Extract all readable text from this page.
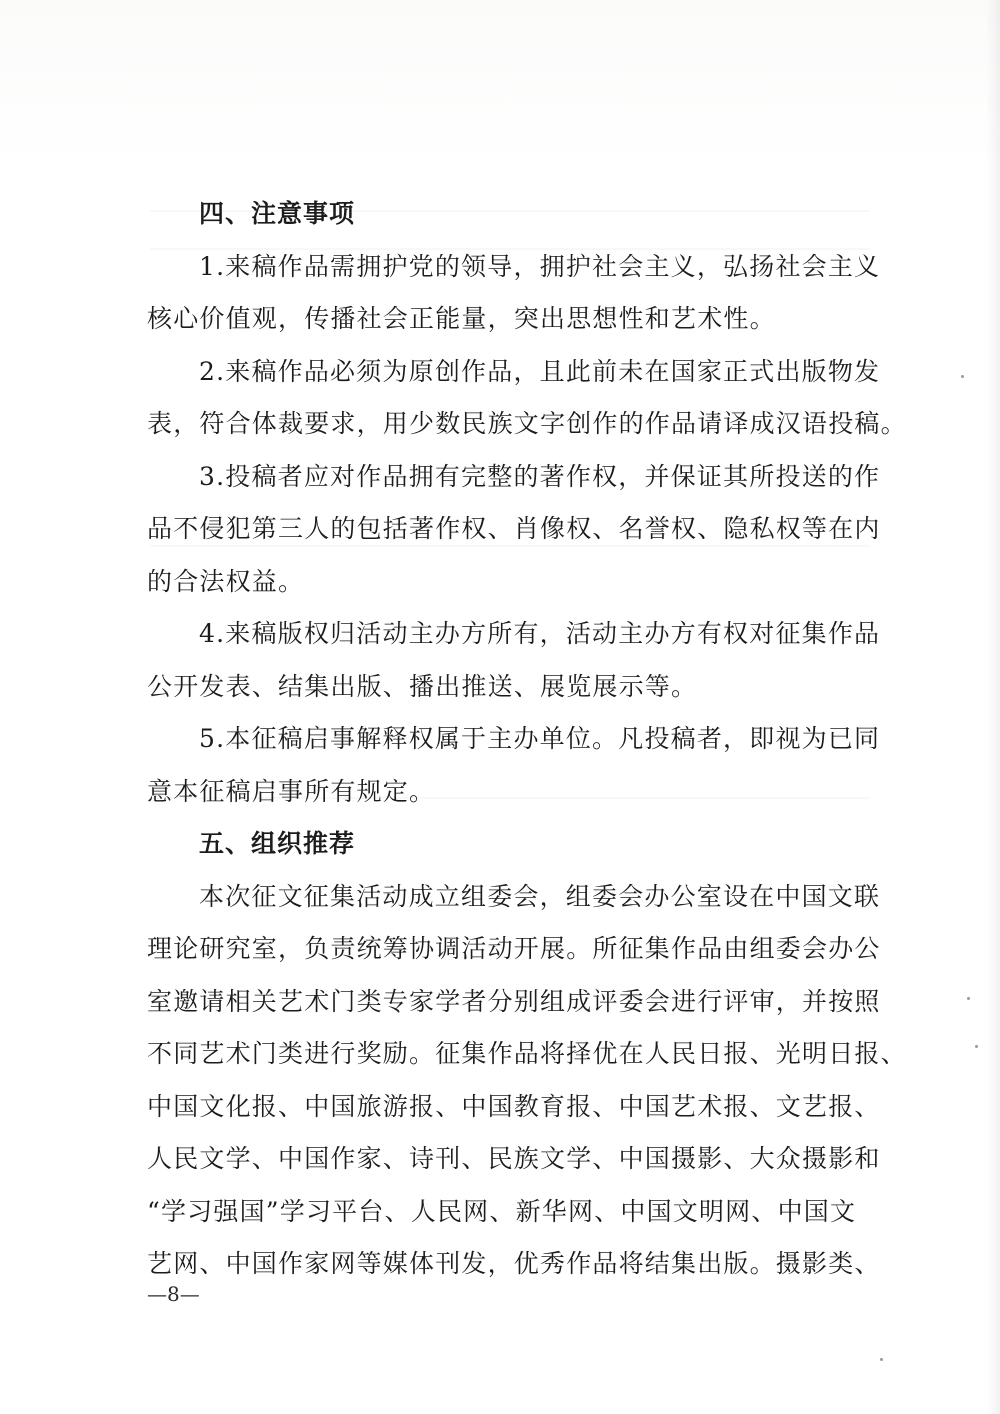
四、注意事项
1.来稿作品需拥护党的领导，拥护社会主义，弘扬社会主义
核心价值观，传播社会正能量，突出思想性和艺术性。
2.来稿作品必须为原创作品，且此前未在国家正式出版物发
表，符合体裁要求，用少数民族文字创作的作品请译成汉语投稿。
3.投稿者应对作品拥有完整的著作权，并保证其所投送的作
品不侵犯第三人的包括著作权、肖像权、名誉权、隐私权等在内
的合法权益。
4.来稿版权归活动主办方所有，活动主办方有权对征集作品
公开发表、结集出版、播出推送、展览展示等。
5.本征稿启事解释权属于主办单位。凡投稿者，即视为已同
意本征稿启事所有规定。
五、组织推荐
本次征文征集活动成立组委会，组委会办公室设在中国文联
理论研究室，负责统筹协调活动开展。所征集作品由组委会办公
室邀请相关艺术门类专家学者分别组成评委会进行评审，并按照
不同艺术门类进行奖励。征集作品将择优在人民日报、光明日报、
中国文化报、中国旅游报、中国教育报、中国艺术报、文艺报、
人民文学、中国作家、诗刊、民族文学、中国摄影、大众摄影和
“学习强国”学习平台、人民网、新华网、中国文明网、中国文
艺网、中国作家网等媒体刊发，优秀作品将结集出版。摄影类、
—8—
